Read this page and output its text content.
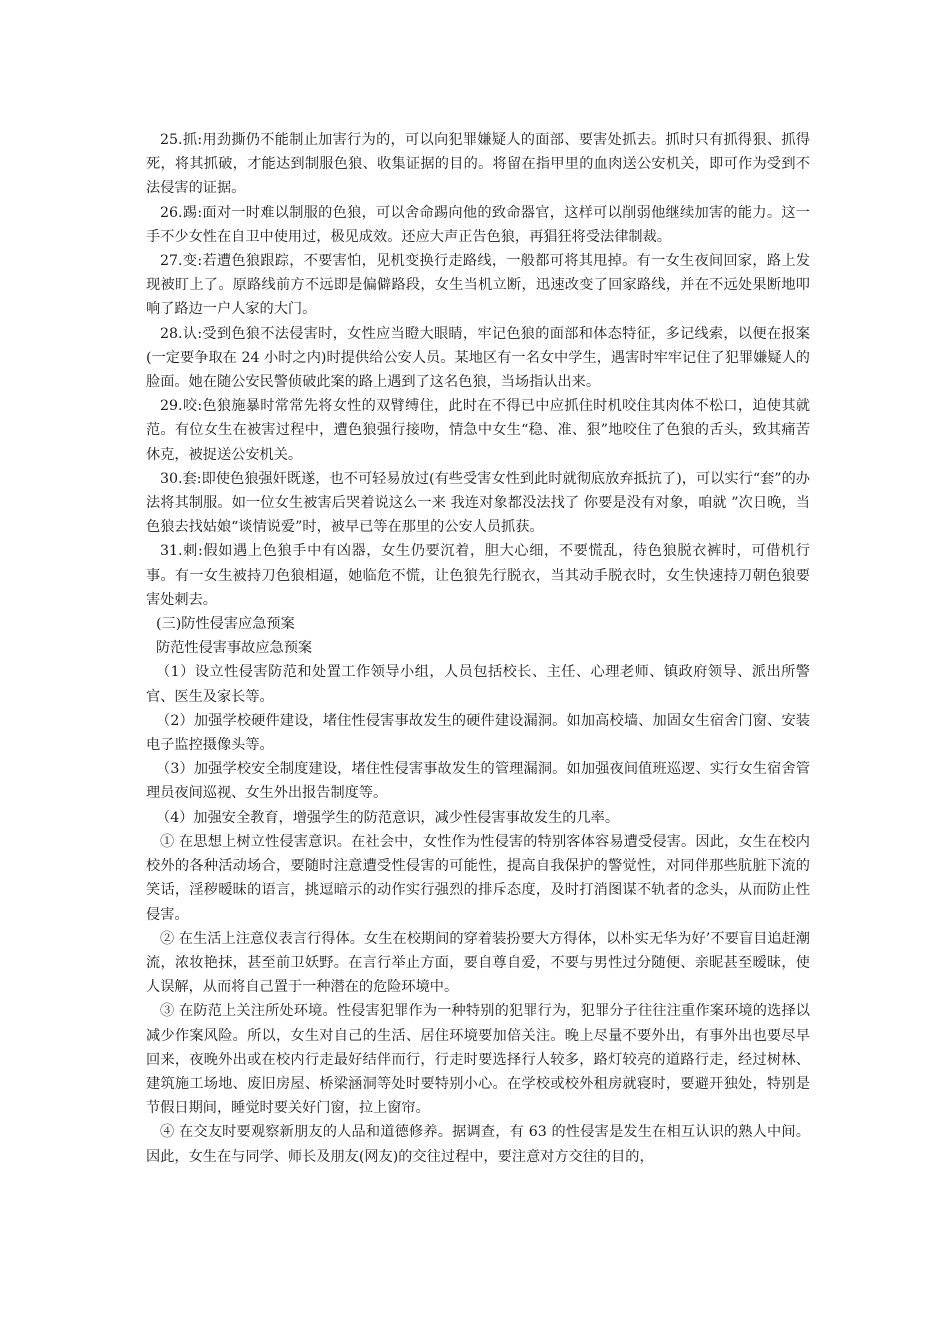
25.抓:用劲撕仍不能制止加害行为的，可以向犯罪嫌疑人的面部、要害处抓去。抓时只有抓得狠、抓得死，将其抓破，才能达到制服色狼、收集证据的目的。将留在指甲里的血肉送公安机关，即可作为受到不法侵害的证据。

26.踢:面对一时难以制服的色狼，可以舍命踢向他的致命器官，这样可以削弱他继续加害的能力。这一手不少女性在自卫中使用过，极见成效。还应大声正告色狼，再猖狂将受法律制裁。

27.变:若遭色狼跟踪，不要害怕，见机变换行走路线，一般都可将其甩掉。有一女生夜间回家，路上发现被盯上了。原路线前方不远即是偏僻路段，女生当机立断，迅速改变了回家路线，并在不远处果断地叩响了路边一户人家的大门。

28.认:受到色狼不法侵害时，女性应当瞪大眼睛，牢记色狼的面部和体态特征，多记线索，以便在报案(一定要争取在 24 小时之内)时提供给公安人员。某地区有一名女中学生，遇害时牢牢记住了犯罪嫌疑人的脸面。她在随公安民警侦破此案的路上遇到了这名色狼，当场指认出来。

29.咬:色狼施暴时常常先将女性的双臂缚住，此时在不得已中应抓住时机咬住其肉体不松口，迫使其就范。有位女生在被害过程中，遭色狼强行接吻，情急中女生“稳、准、狠”地咬住了色狼的舌头，致其痛苦休克，被捉送公安机关。

30.套:即使色狼强奸既遂，也不可轻易放过(有些受害女性到此时就彻底放弃抵抗了)，可以实行“套”的办法将其制服。如一位女生被害后哭着说这么一来 我连对象都没法找了 你要是没有对象，咱就 ”次日晚，当色狼去找姑娘“谈情说爱”时，被早已等在那里的公安人员抓获。

31.刺:假如遇上色狼手中有凶器，女生仍要沉着，胆大心细，不要慌乱，待色狼脱衣裤时，可借机行事。有一女生被持刀色狼相逼，她临危不慌，让色狼先行脱衣，当其动手脱衣时，女生快速持刀朝色狼要害处刺去。

(三)防性侵害应急预案

防范性侵害事故应急预案

（1）设立性侵害防范和处置工作领导小组，人员包括校长、主任、心理老师、镇政府领导、派出所警官、医生及家长等。

（2）加强学校硬件建设，堵住性侵害事故发生的硬件建设漏洞。如加高校墙、加固女生宿舍门窗、安装电子监控摄像头等。

（3）加强学校安全制度建设，堵住性侵害事故发生的管理漏洞。如加强夜间值班巡逻、实行女生宿舍管理员夜间巡视、女生外出报告制度等。

（4）加强安全教育，增强学生的防范意识，减少性侵害事故发生的几率。

① 在思想上树立性侵害意识。在社会中，女性作为性侵害的特别客体容易遭受侵害。因此，女生在校内校外的各种活动场合，要随时注意遭受性侵害的可能性，提高自我保护的警觉性，对同伴那些肮脏下流的笑话，淫秽暧昧的语言，挑逗暗示的动作实行强烈的排斥态度，及时打消图谋不轨者的念头，从而防止性侵害。

② 在生活上注意仪表言行得体。女生在校期间的穿着装扮要大方得体，以朴实无华为好’不要盲目追赶潮流，浓妆艳抹，甚至前卫妖野。在言行举止方面，要自尊自爱，不要与男性过分随便、亲昵甚至暧昧，使人误解，从而将自己置于一种潜在的危险环境中。

③ 在防范上关注所处环境。性侵害犯罪作为一种特别的犯罪行为，犯罪分子往往注重作案环境的选择以减少作案风险。所以，女生对自己的生活、居住环境要加倍关注。晚上尽量不要外出，有事外出也要尽早回来，夜晚外出或在校内行走最好结伴而行，行走时要选择行人较多，路灯较亮的道路行走，经过树林、建筑施工场地、废旧房屋、桥梁涵洞等处时要特别小心。在学校或校外租房就寝时，要避开独处，特别是节假日期间，睡觉时要关好门窗，拉上窗帘。

④ 在交友时要观察新朋友的人品和道德修养。据调查，有 63 的性侵害是发生在相互认识的熟人中间。因此，女生在与同学、师长及朋友(网友)的交往过程中，要注意对方交往的目的，
